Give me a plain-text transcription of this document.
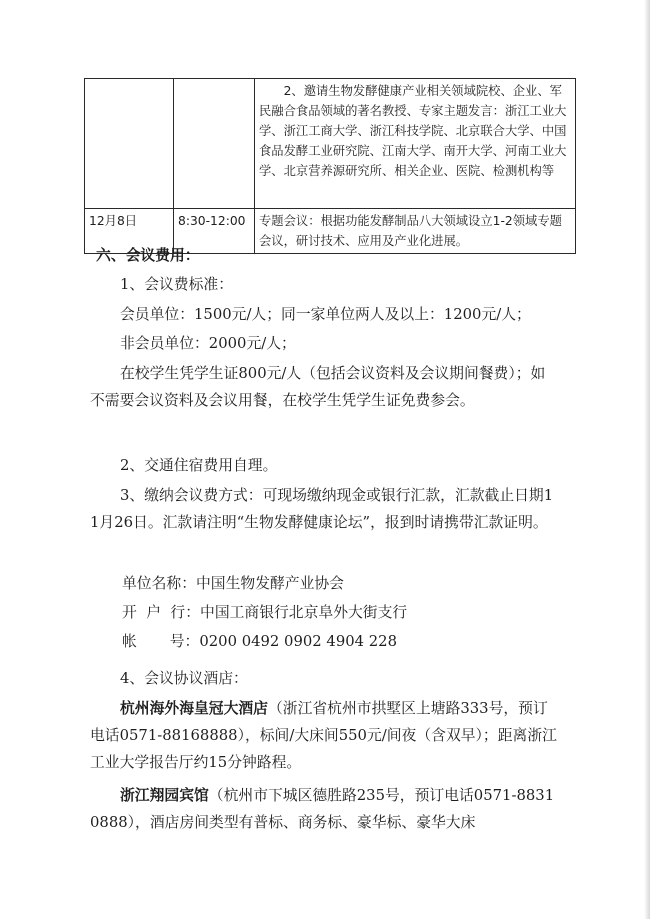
		2、邀请生物发酵健康产业相关领域院校、企业、军民融合食品领域的著名教授、专家主题发言：浙江工业大学、浙江工商大学、浙江科技学院、北京联合大学、中国食品发酵工业研究院、江南大学、南开大学、河南工业大学、北京营养源研究所、相关企业、医院、检测机构等
12月8日	8:30-12:00	专题会议：根据功能发酵制品八大领域设立1-2领域专题会议，研讨技术、应用及产业化进展。
六、会议费用：
1、会议费标准：
会员单位：1500元/人；同一家单位两人及以上：1200元/人；
非会员单位：2000元/人；
在校学生凭学生证800元/人（包括会议资料及会议期间餐费）；如不需要会议资料及会议用餐，在校学生凭学生证免费参会。
2、交通住宿费用自理。
3、缴纳会议费方式：可现场缴纳现金或银行汇款，汇款截止日期11月26日。汇款请注明“生物发酵健康论坛”，报到时请携带汇款证明。
单位名称：中国生物发酵产业协会
开  户  行：中国工商银行北京阜外大街支行
帐       号：0200 0492 0902 4904 228
4、会议协议酒店：
杭州海外海皇冠大酒店（浙江省杭州市拱墅区上塘路333号，预订电话0571-88168888），标间/大床间550元/间夜（含双早）；距离浙江工业大学报告厅约15分钟路程。
浙江翔园宾馆（杭州市下城区德胜路235号，预订电话0571-88310888），酒店房间类型有普标、商务标、豪华标、豪华大床
